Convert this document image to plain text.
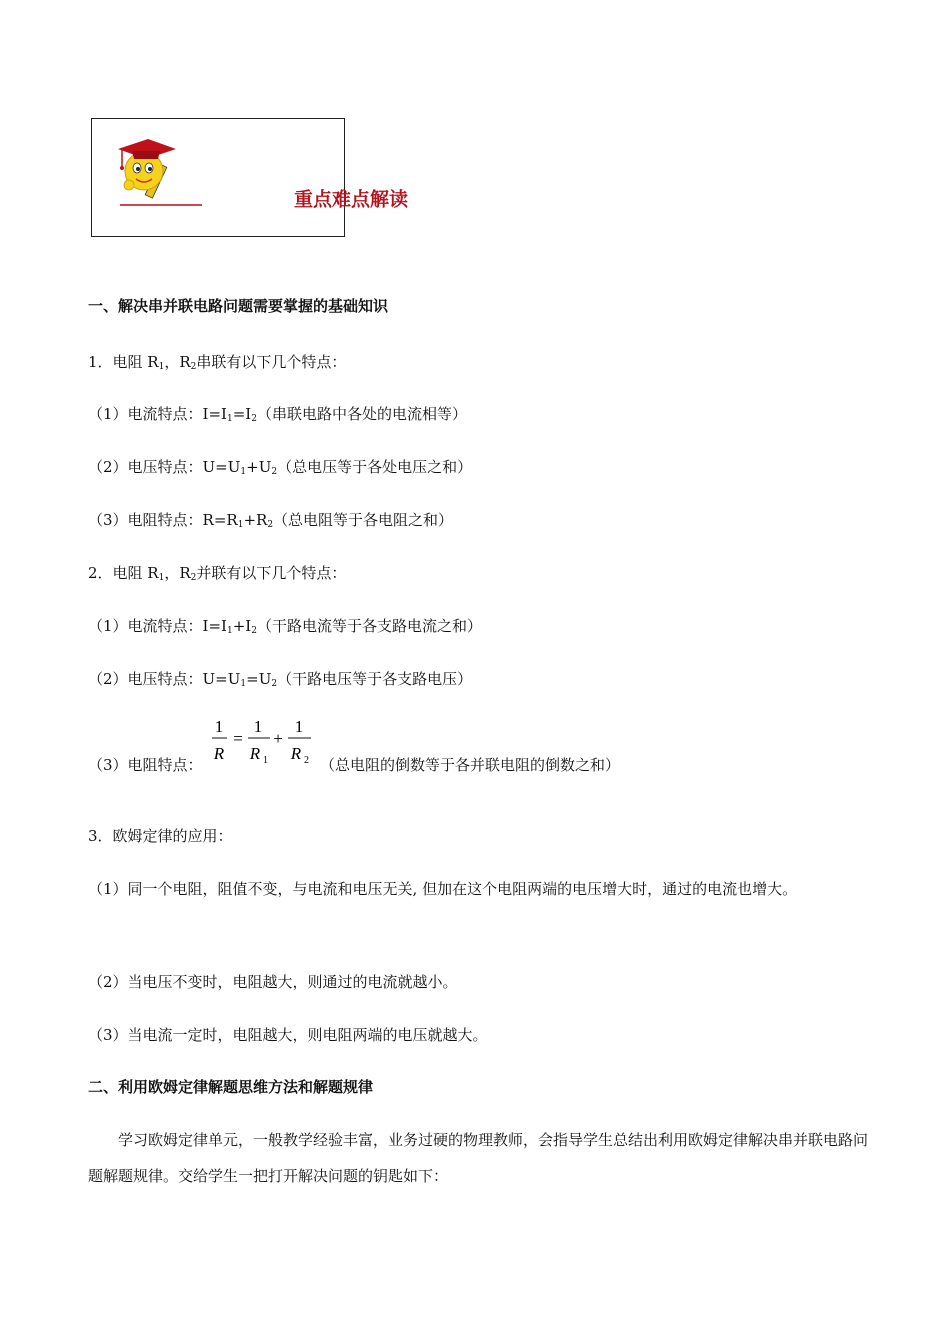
重点难点解读
一、解决串并联电路问题需要掌握的基础知识
1．电阻 $R_1$，$R_2$串联有以下几个特点：
（1）电流特点：$I=I_1=I_2$（串联电路中各处的电流相等）
（2）电压特点：$U=U_1+U_2$（总电压等于各处电压之和）
（3）电阻特点：$R=R_1+R_2$（总电阻等于各电阻之和）
2．电阻 $R_1$，$R_2$并联有以下几个特点：
（1）电流特点：$I=I_1+I_2$（干路电流等于各支路电流之和）
（2）电压特点：$U=U_1=U_2$（干路电压等于各支路电压）
（3）电阻特点：
1
R
=
1
R 1
+
1
R 2 （总电阻的倒数等于各并联电阻的倒数之和）
3．欧姆定律的应用：
（1）同一个电阻，阻值不变，与电流和电压无关, 但加在这个电阻两端的电压增大时，通过的电流也增大。
（2）当电压不变时，电阻越大，则通过的电流就越小。
（3）当电流一定时，电阻越大，则电阻两端的电压就越大。
二、利用欧姆定律解题思维方法和解题规律
学习欧姆定律单元，一般教学经验丰富，业务过硬的物理教师，会指导学生总结出利用欧姆定律解决串并联电路问题解题规律。交给学生一把打开解决问题的钥匙如下：
